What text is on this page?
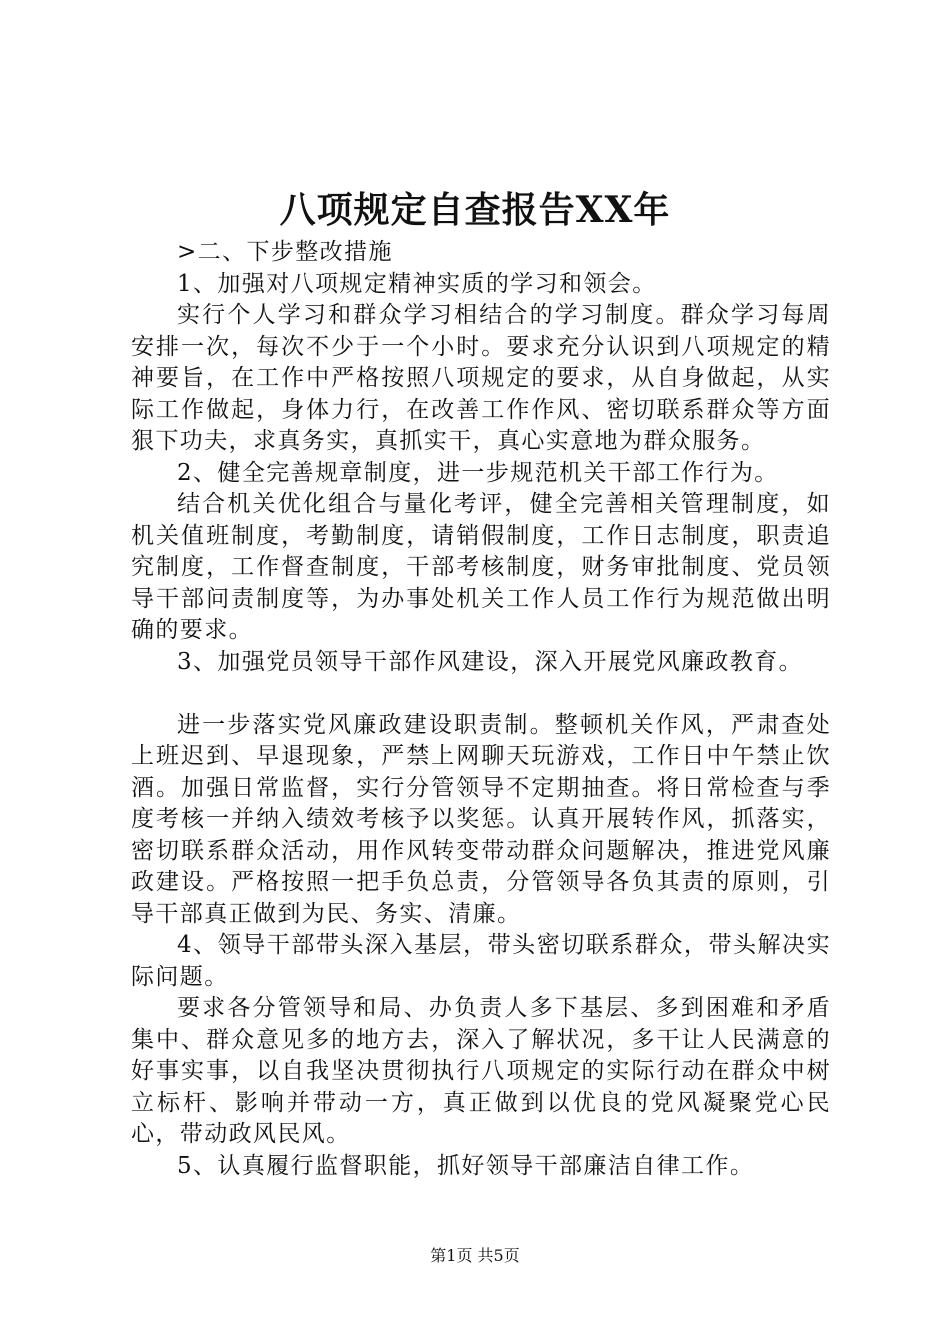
八项规定自查报告XX年

>二、下步整改措施

1、加强对八项规定精神实质的学习和领会。

实行个人学习和群众学习相结合的学习制度。群众学习每周安排一次，每次不少于一个小时。要求充分认识到八项规定的精神要旨，在工作中严格按照八项规定的要求，从自身做起，从实际工作做起，身体力行，在改善工作作风、密切联系群众等方面狠下功夫，求真务实，真抓实干，真心实意地为群众服务。

2、健全完善规章制度，进一步规范机关干部工作行为。

结合机关优化组合与量化考评，健全完善相关管理制度，如机关值班制度，考勤制度，请销假制度，工作日志制度，职责追究制度，工作督查制度，干部考核制度，财务审批制度、党员领导干部问责制度等，为办事处机关工作人员工作行为规范做出明确的要求。

3、加强党员领导干部作风建设，深入开展党风廉政教育。

进一步落实党风廉政建设职责制。整顿机关作风，严肃查处上班迟到、早退现象，严禁上网聊天玩游戏，工作日中午禁止饮酒。加强日常监督，实行分管领导不定期抽查。将日常检查与季度考核一并纳入绩效考核予以奖惩。认真开展转作风，抓落实，密切联系群众活动，用作风转变带动群众问题解决，推进党风廉政建设。严格按照一把手负总责，分管领导各负其责的原则，引导干部真正做到为民、务实、清廉。

4、领导干部带头深入基层，带头密切联系群众，带头解决实际问题。

要求各分管领导和局、办负责人多下基层、多到困难和矛盾集中、群众意见多的地方去，深入了解状况，多干让人民满意的好事实事，以自我坚决贯彻执行八项规定的实际行动在群众中树立标杆、影响并带动一方，真正做到以优良的党风凝聚党心民心，带动政风民风。

5、认真履行监督职能，抓好领导干部廉洁自律工作。

第1页 共5页
